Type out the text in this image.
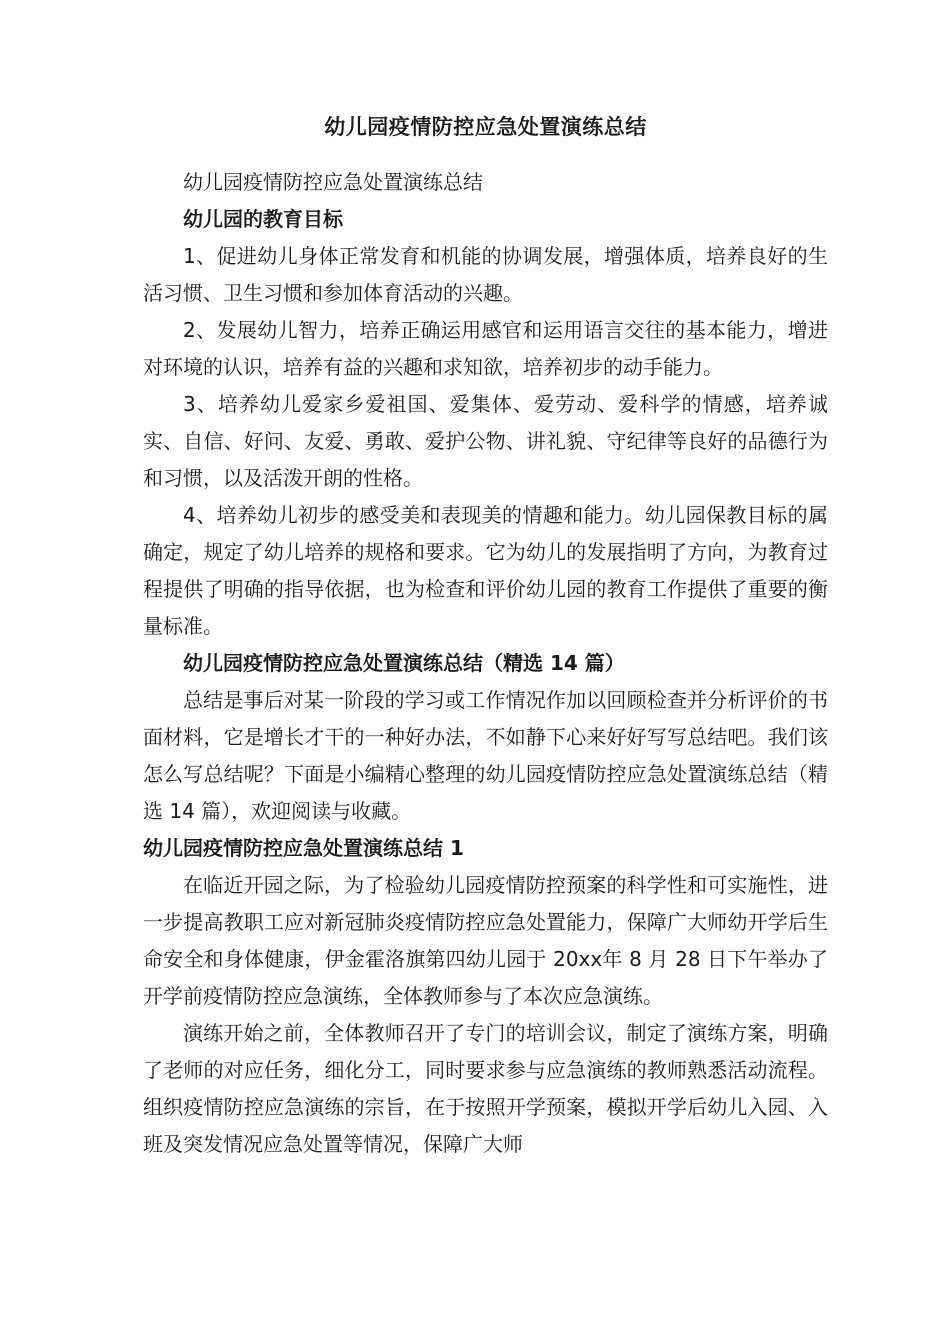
幼儿园疫情防控应急处置演练总结

幼儿园疫情防控应急处置演练总结

幼儿园的教育目标

1、促进幼儿身体正常发育和机能的协调发展，增强体质，培养良好的生活习惯、卫生习惯和参加体育活动的兴趣。

2、发展幼儿智力，培养正确运用感官和运用语言交往的基本能力，增进对环境的认识，培养有益的兴趣和求知欲，培养初步的动手能力。

3、培养幼儿爱家乡爱祖国、爱集体、爱劳动、爱科学的情感，培养诚实、自信、好问、友爱、勇敢、爱护公物、讲礼貌、守纪律等良好的品德行为和习惯，以及活泼开朗的性格。

4、培养幼儿初步的感受美和表现美的情趣和能力。幼儿园保教目标的属确定，规定了幼儿培养的规格和要求。它为幼儿的发展指明了方向，为教育过程提供了明确的指导依据，也为检查和评价幼儿园的教育工作提供了重要的衡量标准。

幼儿园疫情防控应急处置演练总结（精选 14 篇）

总结是事后对某一阶段的学习或工作情况作加以回顾检查并分析评价的书面材料，它是增长才干的一种好办法，不如静下心来好好写写总结吧。我们该怎么写总结呢？下面是小编精心整理的幼儿园疫情防控应急处置演练总结（精选 14 篇），欢迎阅读与收藏。

幼儿园疫情防控应急处置演练总结 1

在临近开园之际，为了检验幼儿园疫情防控预案的科学性和可实施性，进一步提高教职工应对新冠肺炎疫情防控应急处置能力，保障广大师幼开学后生命安全和身体健康，伊金霍洛旗第四幼儿园于 20xx年 8 月 28 日下午举办了开学前疫情防控应急演练，全体教师参与了本次应急演练。

演练开始之前，全体教师召开了专门的培训会议，制定了演练方案，明确了老师的对应任务，细化分工，同时要求参与应急演练的教师熟悉活动流程。组织疫情防控应急演练的宗旨，在于按照开学预案，模拟开学后幼儿入园、入班及突发情况应急处置等情况，保障广大师
